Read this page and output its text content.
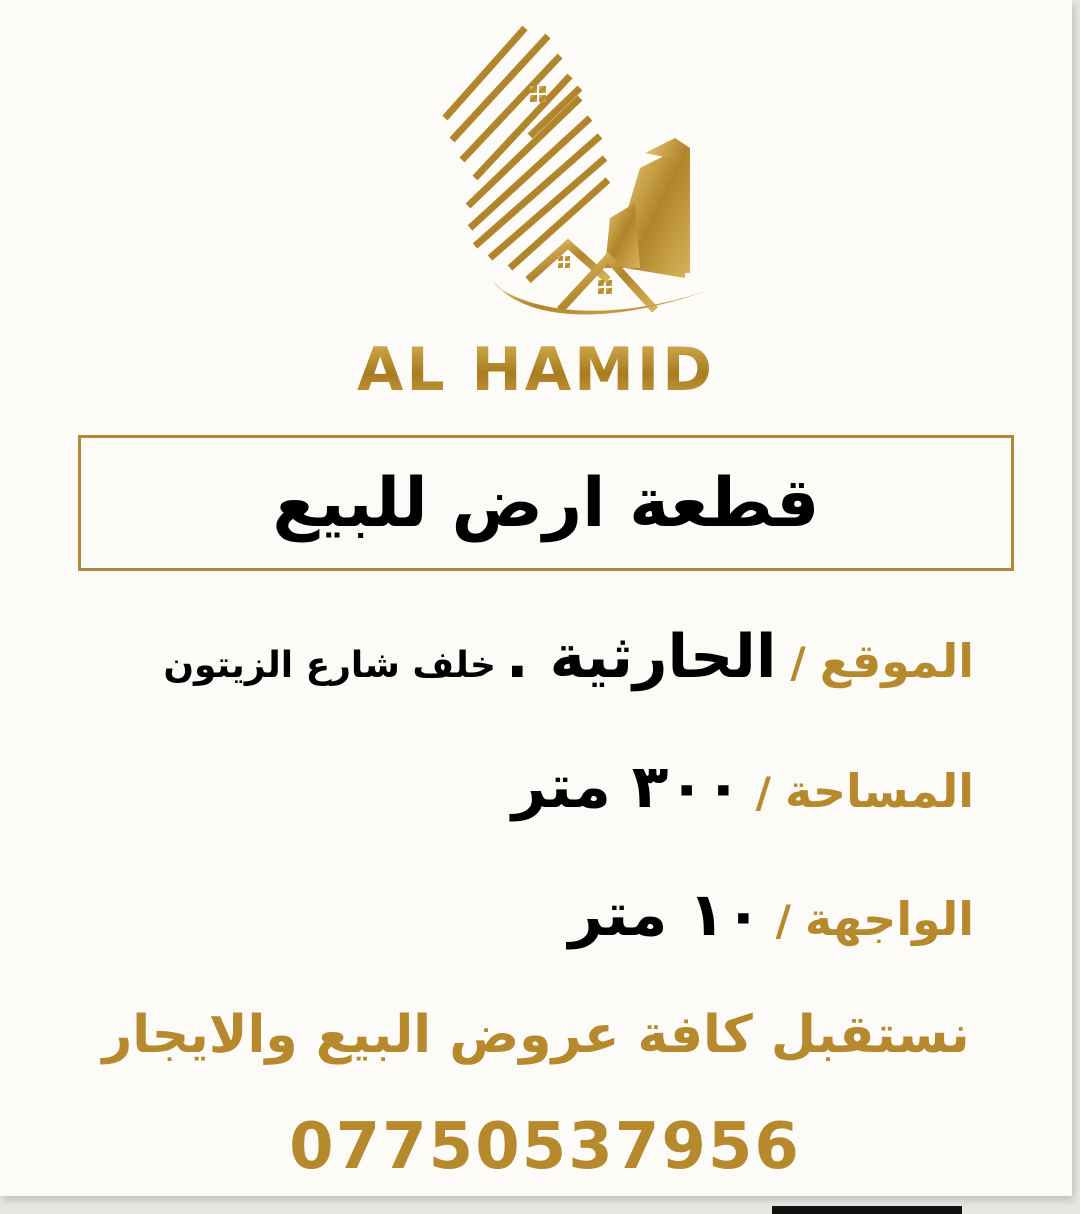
AL HAMID
قطعة ارض للبيع
الموقع
/
الحارثية .
خلف شارع الزيتون
المساحة
/
٣٠٠ متر
الواجهة
/
١٠ متر
نستقبل كافة عروض البيع والايجار
07750537956
